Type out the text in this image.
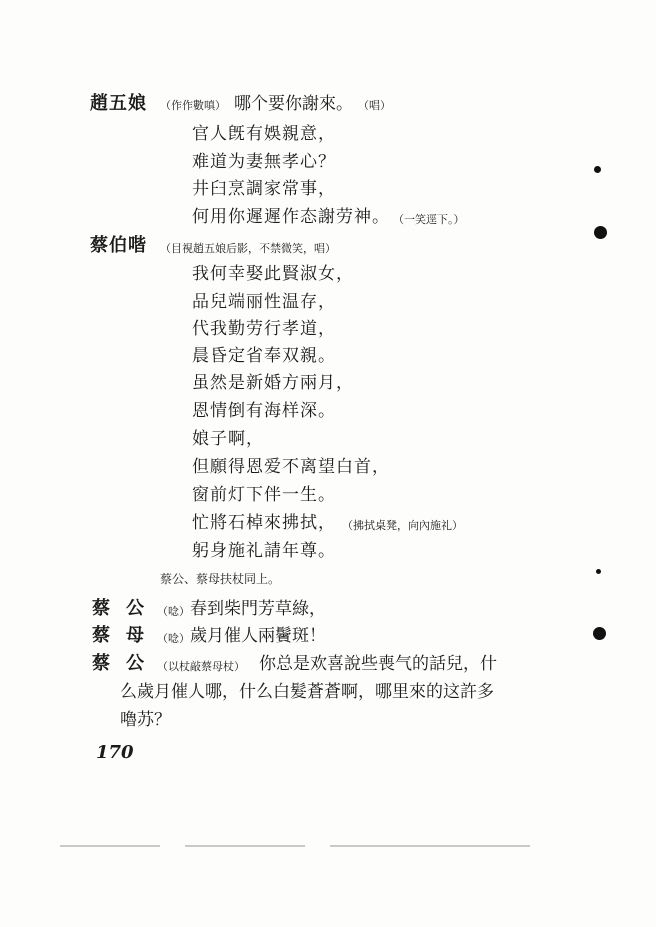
趙五娘 （作作數嗔） 哪个要你謝來。 （唱）
官人旣有娛親意，
难道为妻無孝心？
井臼烹調家常事，
何用你遲遲作态謝劳神。 （一笑逕下。）
蔡伯喈 （目視趙五娘后影，不禁微笑，唱）
我何幸娶此賢淑女，
品兒端丽性温存，
代我勤劳行孝道，
晨昏定省奉双親。
虽然是新婚方兩月，
恩情倒有海样深。
娘子啊，
但願得恩爱不离望白首，
窗前灯下伴一生。
忙將石棹來拂拭， （拂拭桌凳，向內施礼）
躬身施礼請年尊。
蔡公、蔡母扶杖同上。
蔡公
（唸） 春到柴門芳草綠，
蔡母
（唸） 歲月催人兩鬢斑！
蔡公
（以杖敲蔡母杖） 你总是欢喜說些喪气的話兒，什
么歲月催人哪，什么白髮蒼蒼啊，哪里來的这許多
嚕苏？
170
